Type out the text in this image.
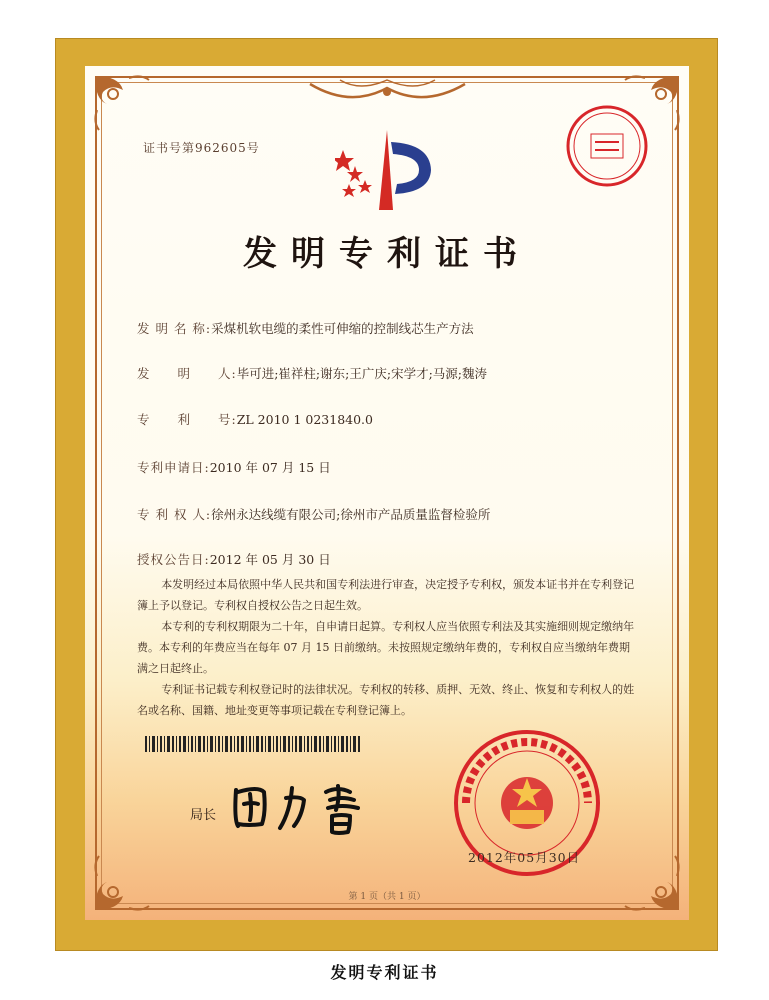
证书号第962605号
发明专利证书
发 明 名 称:采煤机软电缆的柔性可伸缩的控制线芯生产方法
发　　明　　人:毕可进;崔祥柱;谢东;王广庆;宋学才;马源;魏涛
专　　利　　号:ZL 2010 1 0231840.0
专利申请日:2010 年 07 月 15 日
专 利 权 人:徐州永达线缆有限公司;徐州市产品质量监督检验所
授权公告日:2012 年 05 月 30 日

本发明经过本局依照中华人民共和国专利法进行审查，决定授予专利权，颁发本证书并在专利登记簿上予以登记。专利权自授权公告之日起生效。

本专利的专利权期限为二十年，自申请日起算。专利权人应当依照专利法及其实施细则规定缴纳年费。本专利的年费应当在每年 07 月 15 日前缴纳。未按照规定缴纳年费的，专利权自应当缴纳年费期满之日起终止。

专利证书记载专利权登记时的法律状况。专利权的转移、质押、无效、终止、恢复和专利权人的姓名或名称、国籍、地址变更等事项记载在专利登记簿上。

局长
2012年05月30日
第 1 页（共 1 页）
发明专利证书
